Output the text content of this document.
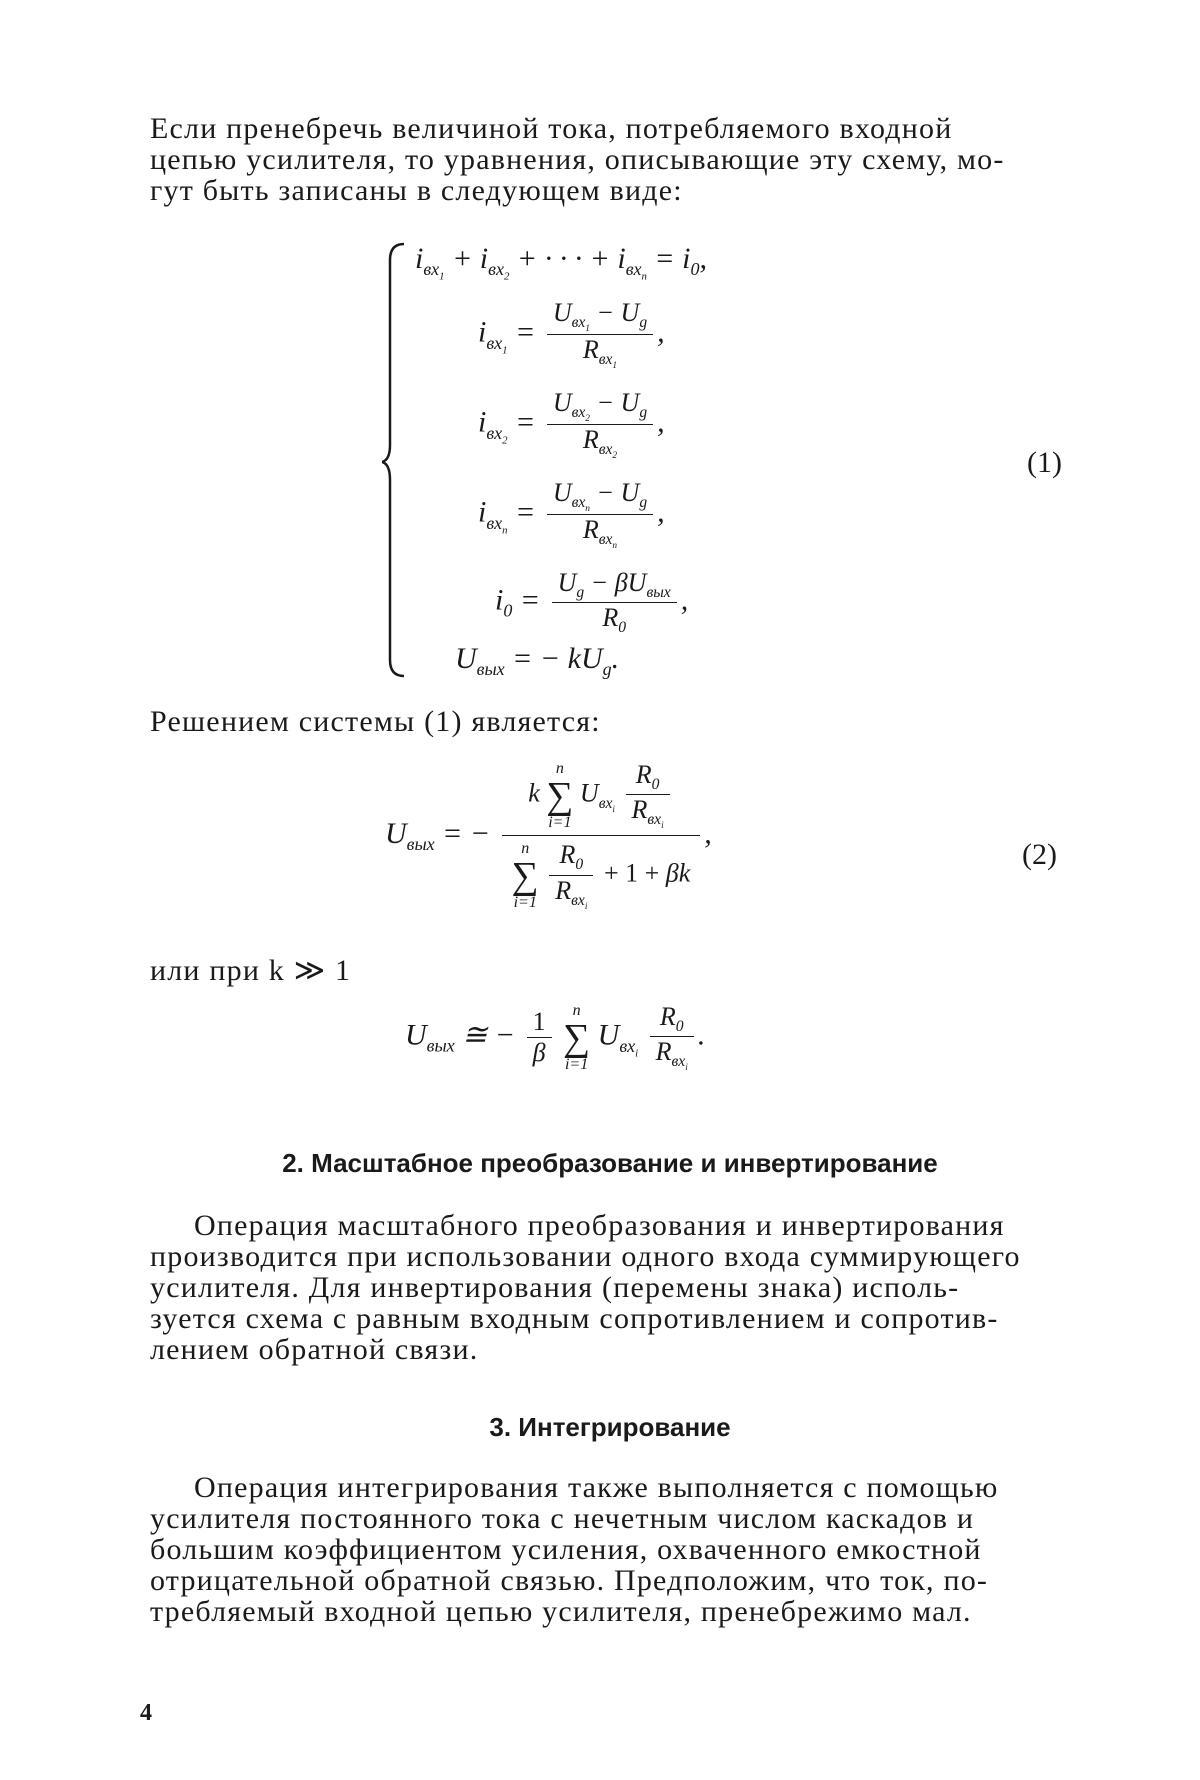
Если пренебречь величиной тока, потребляемого входной
цепью усилителя, то уравнения, описывающие эту схему, мо-
гут быть записаны в следующем виде:

$i_{вх_1} + i_{вх_2}$ + · · · + $i_{вх_n} = i_0$,
$i_{вх_1} = \frac{U_{вх_1} - U_g}{R_{вх_1}}$ ,
$i_{вх_2} = \frac{U_{вх_2} - U_g}{R_{вх_2}}$ ,
$i_{вх_n} = \frac{U_{вх_n} - U_g}{R_{вх_n}}$ ,
$i_0 = \frac{U_g - \beta U_{вых}}{R_0}$ ,
$U_{вых}$ = − $kU_g$.
(1)

Решением системы (1) является:

$U_{вых}$ = − k
n
∑
i=1
$U_{вх_i} \frac{R_0}{R_{вх_i}}$
n
∑
i=1
$\frac{R_0}{R_{вх_i}} + 1 + \beta k$ ,
(2)

или при k ≫ 1

$U_{вых}$ ≅ − $\frac{1}{\beta}$
	n
∑
i=1
$U_{вх_i} \frac{R_0}{R_{вх_i}}$ .
2. Масштабное преобразование и инвертирование

Операция масштабного преобразования и инвертирования
производится при использовании одного входа суммирующего
усилителя. Для инвертирования (перемены знака) исполь-
зуется схема с равным входным сопротивлением и сопротив-
лением обратной связи.

3. Интегрирование

Операция интегрирования также выполняется с помощью
усилителя постоянного тока с нечетным числом каскадов и
большим коэффициентом усиления, охваченного емкостной
отрицательной обратной связью. Предположим, что ток, по-
требляемый входной цепью усилителя, пренебрежимо мал.

4
